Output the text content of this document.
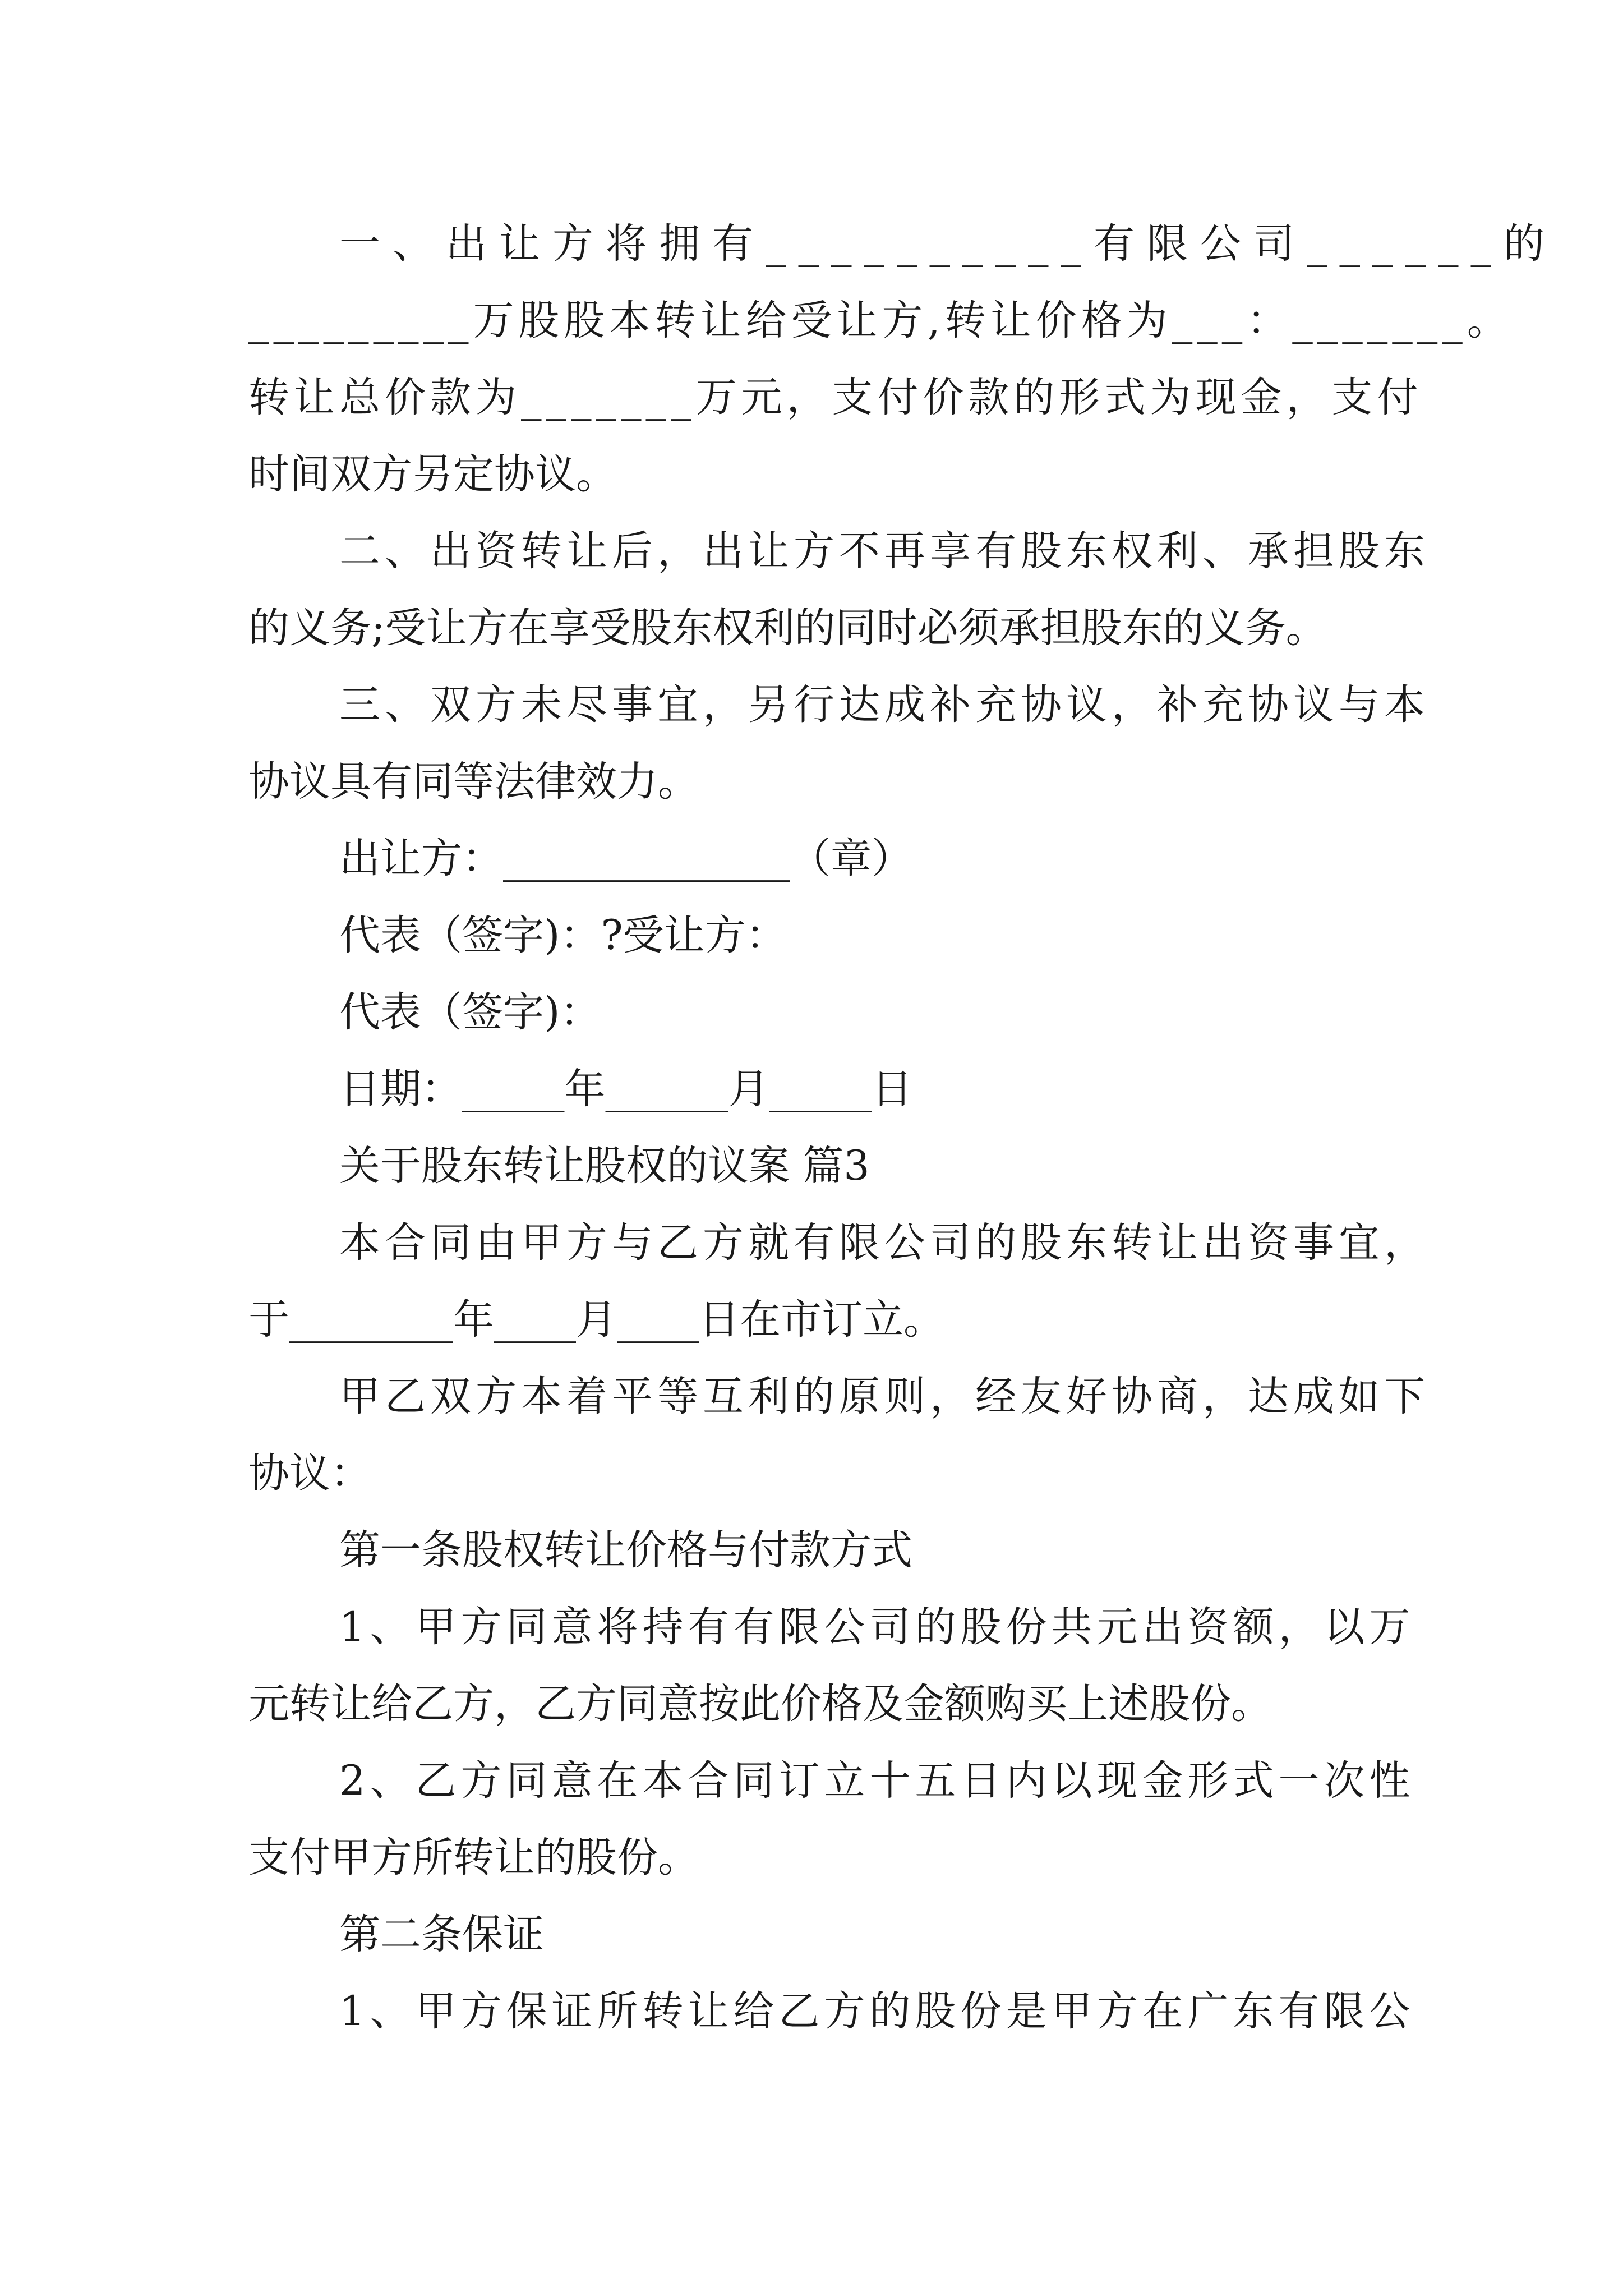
一、出让方将拥有__________有限公司______的
_________万股股本转让给受让方,转让价格为___：_______。
转让总价款为_______万元，支付价款的形式为现金，支付
时间双方另定协议。
二、出资转让后，出让方不再享有股东权利、承担股东
的义务;受让方在享受股东权利的同时必须承担股东的义务。
三、双方未尽事宜，另行达成补充协议，补充协议与本
协议具有同等法律效力。
出让方：______________（章）
代表（签字)：?受让方：
代表（签字)：
日期：_____年______月_____日
关于股东转让股权的议案 篇3
本合同由甲方与乙方就有限公司的股东转让出资事宜，
于________年____月____日在市订立。
甲乙双方本着平等互利的原则，经友好协商，达成如下
协议：
第一条股权转让价格与付款方式
1、甲方同意将持有有限公司的股份共元出资额，以万
元转让给乙方，乙方同意按此价格及金额购买上述股份。
2、乙方同意在本合同订立十五日内以现金形式一次性
支付甲方所转让的股份。
第二条保证
1、甲方保证所转让给乙方的股份是甲方在广东有限公
